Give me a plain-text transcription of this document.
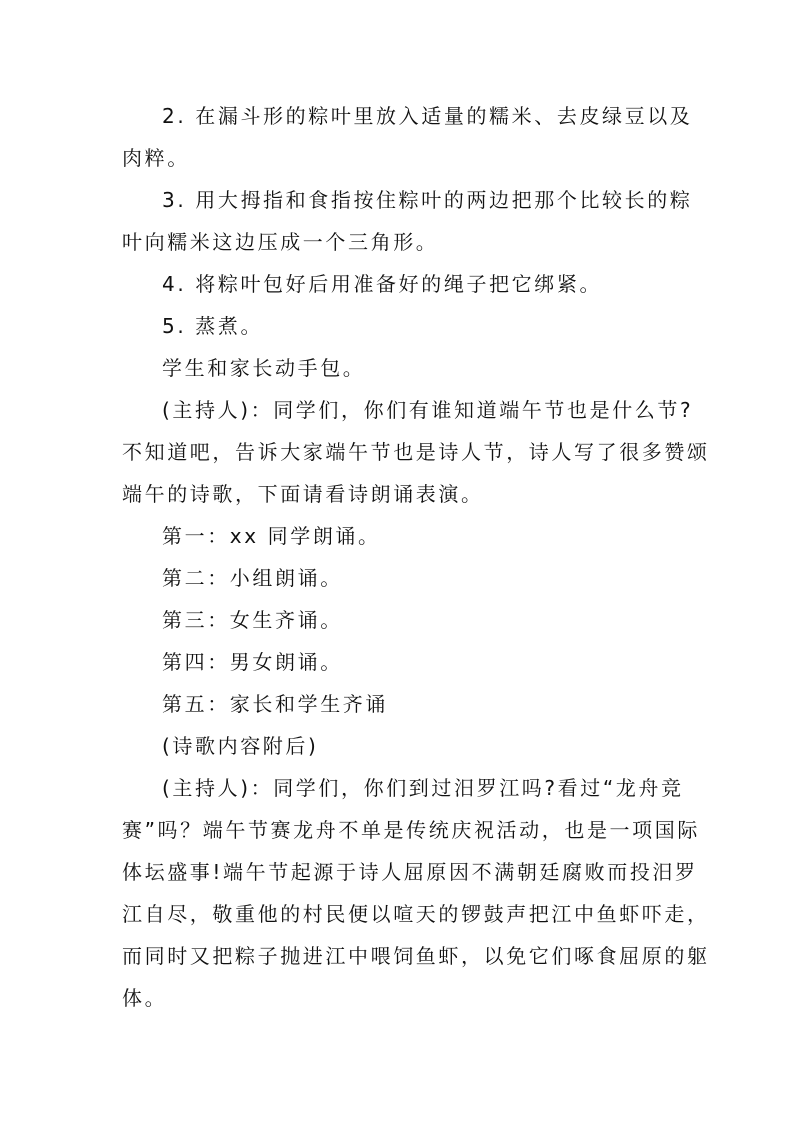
2. 在漏斗形的粽叶里放入适量的糯米、去皮绿豆以及
肉粹。
3. 用大拇指和食指按住粽叶的两边把那个比较长的粽
叶向糯米这边压成一个三角形。
4. 将粽叶包好后用准备好的绳子把它绑紧。
5. 蒸煮。
学生和家长动手包。
(主持人)：同学们，你们有谁知道端午节也是什么节?
不知道吧，告诉大家端午节也是诗人节，诗人写了很多赞颂
端午的诗歌，下面请看诗朗诵表演。
第一：xx 同学朗诵。
第二：小组朗诵。
第三：女生齐诵。
第四：男女朗诵。
第五：家长和学生齐诵
(诗歌内容附后)
(主持人)：同学们，你们到过汨罗江吗?看过“龙舟竞
赛”吗？端午节赛龙舟不单是传统庆祝活动，也是一项国际
体坛盛事!端午节起源于诗人屈原因不满朝廷腐败而投汨罗
江自尽，敬重他的村民便以喧天的锣鼓声把江中鱼虾吓走，
而同时又把粽子抛进江中喂饲鱼虾，以免它们啄食屈原的躯
体。
